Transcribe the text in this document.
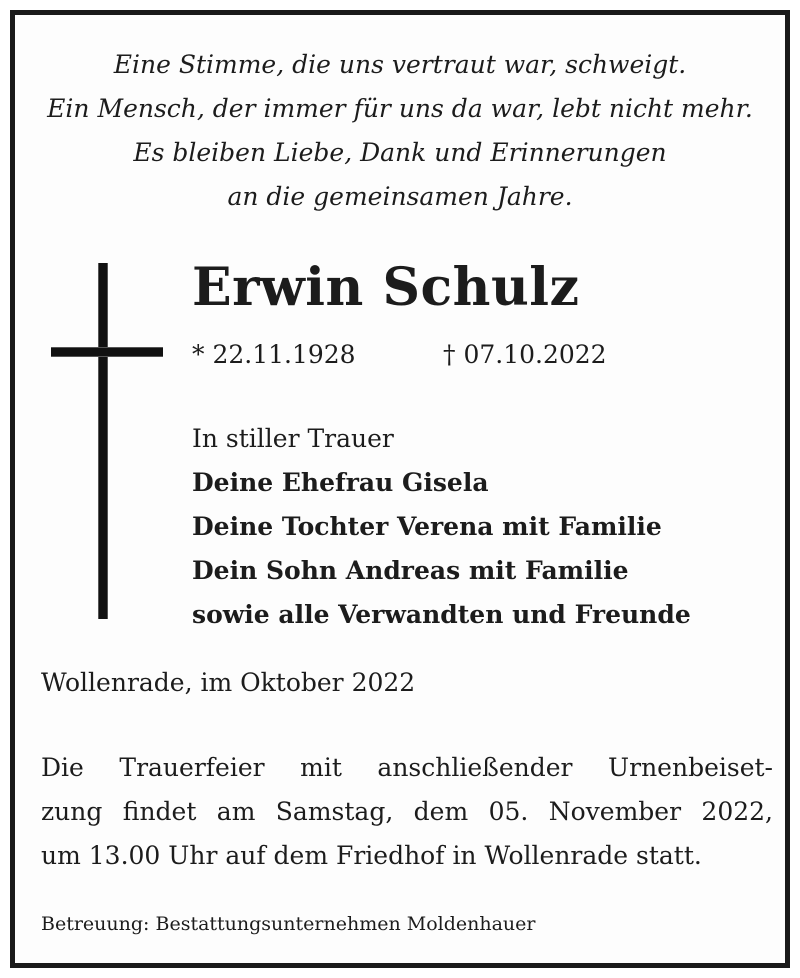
Eine Stimme, die uns vertraut war, schweigt.
Ein Mensch, der immer für uns da war, lebt nicht mehr.
Es bleiben Liebe, Dank und Erinnerungen
an die gemeinsamen Jahre.
Erwin Schulz
* 22.11.1928	† 07.10.2022
In stiller Trauer
Deine Ehefrau Gisela
Deine Tochter Verena mit Familie
Dein Sohn Andreas mit Familie
sowie alle Verwandten und Freunde
Wollenrade, im Oktober 2022
Die Trauerfeier mit anschließender Urnenbeiset-
zung findet am Samstag, dem 05. November 2022,
um 13.00 Uhr auf dem Friedhof in Wollenrade statt.
Betreuung: Bestattungsunternehmen Moldenhauer
